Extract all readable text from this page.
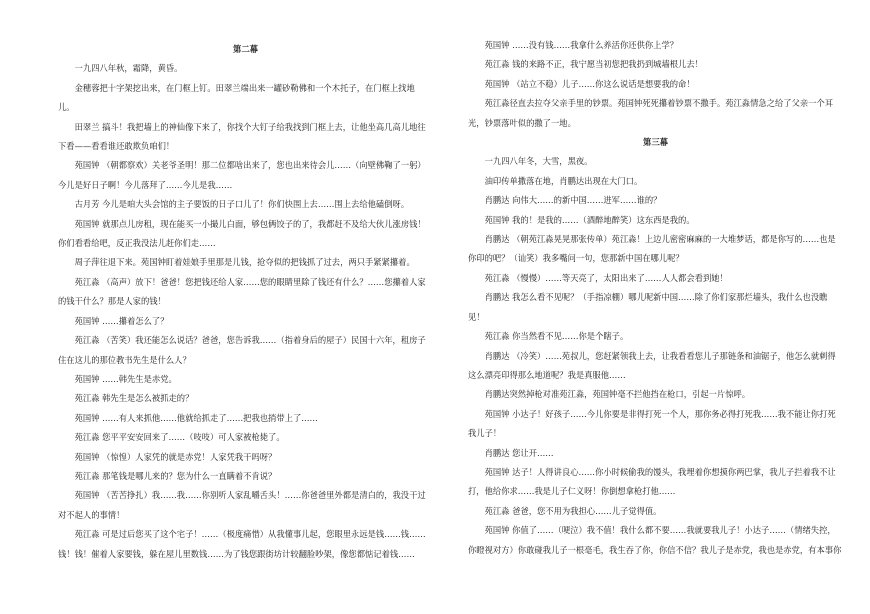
第二幕

一九四八年秋，霜降，黄昏。

金穗蓉把十字架挖出来，在门框上钉。田翠兰端出来一罐砂勒佛和一个木托子，在门框上找地

儿。

田翠兰 搞斗！我把墙上的神仙像下来了，你找个大钉子给我找到门框上去，让他坐高几高儿地往下看——看看谁还敢欺负咱们！

苑国钟 （朝都察欢）关老爷圣明！那二位都啥出来了，您也出来待会儿……（向壁佛鞠了一躬）今儿是好日子啊！今儿落拜了……今儿是我……

古月芳 今儿是咱大头会馆的主子要饭的日子口儿了！你们快围上去……围上去给他磕倒呀。

苑国钟 就那点儿房租，现在能买一小撮儿白面，够包俩饺子的了，我都赶不及给大伙儿涨房钱！你们看看给吧，反正我没法儿赶你们走……

周子萍往退下来。苑国钟盯着娃娘手里那是儿钱，抢夺似的把钱抓了过去，两只手紧紧攥着。

苑江淼 （高声）放下！爸爸！您把钱还给人家……您的眼睛里除了钱还有什么？……您攥着人家的钱干什么？那是人家的钱！

苑国钟 ……攥着怎么了？

苑江淼 （苦笑）我还能怎么说话？爸爸，您告诉我……（指着身后的屋子）民国十六年，租房子住在这儿的那位教书先生是什么人？

苑国钟 ……韩先生是赤党。

苑江淼 韩先生是怎么被抓走的？

苑国钟 ……有人来抓他……他就给抓走了……把我也捎带上了……

苑江淼 您平平安安回来了……（吱吱）可人家被枪毙了。

苑国钟 （惊惶）人家凭的就是赤党！人家凭我干吗呀？

苑江淼 那笔钱是哪儿来的？您为什么一直瞒着不肯说？

苑国钟 （苦苦挣扎）我……我……你别听人家乱嚼舌头！……你爸爸里外都是清白的，我没干过对不起人的事情！

苑江淼 可是过后您买了这个宅子！……（极度痛惜）从我懂事儿起，您眼里永远是钱……钱……钱！钱！催着人家要钱，躲在屋儿里数钱……为了钱您跟街坊计较翻脸吵架，像您都惦记着钱……

苑国钟 ……没有钱……我拿什么养活你还供你上学？

苑江淼 钱的来路不正，我宁愿当初您把我扔到城墙根儿去！

苑国钟 （站立不稳）儿子……你这么说话是想要我的命！

苑江淼径直去拉夺父亲手里的钞票。苑国钟死死攥着钞票不撒手。苑江淼情急之给了父亲一个耳光，钞票落叶似的撒了一地。

第三幕

一九四八年冬，大雪，黑夜。

油印传单撒落在地，肖鹏达出现在大门口。

肖鹏达 向伟大……的新中国……进军……谁的？

苑国钟 我的！是我的……（酒醉地醉笑）这东西是我的。

肖鹏达 （朝苑江淼晃晃那张传单）苑江淼！上边儿密密麻麻的一大堆梦话，都是你写的……也是你印的吧？（讪笑）我多嘴问一句，您那新中国在哪儿呢？

苑江淼 （慢慢）……等天亮了，太阳出来了……人人都会看到她！

肖鹏达 我怎么看不见呢？（手指凉棚）哪儿呢新中国……除了你们家那烂墙头，我什么也没瞧见！

苑江淼 你当然看不见……你是个瞎子。

肖鹏达 （冷笑）……苑叔儿，您赶紧领我上去，让我看看您儿子那链条和油锯子，他怎么就刺得这么漂亮印得那么地道呢？我是真服他……

肖鹏达突然掉枪对准苑江淼，苑国钟毫不拦他挡在枪口，引起一片惊呼。

苑国钟 小达子！好孩子……今儿你要是非得打死一个人，那你务必得打死我……我不能让你打死我儿子！

肖鹏达 您让开……

苑国钟 达子！人得讲良心……你小时候偷我的馒头，我埋着你想摸你两巴掌，我儿子拦着我不让打，他给你求……我是儿子仁义呀！你倒想拿枪打他……

苑江淼 爸爸，您不用为我担心……儿子觉得值。

苑国钟 你值了……（哽泣）我不值！我什么都不要……我就要我儿子！小达子……（情绪失控，你瞪视对方）你敢碰我儿子一根毫毛，我生吞了你，你信不信？我儿子是赤党，我也是赤党，有本事你
